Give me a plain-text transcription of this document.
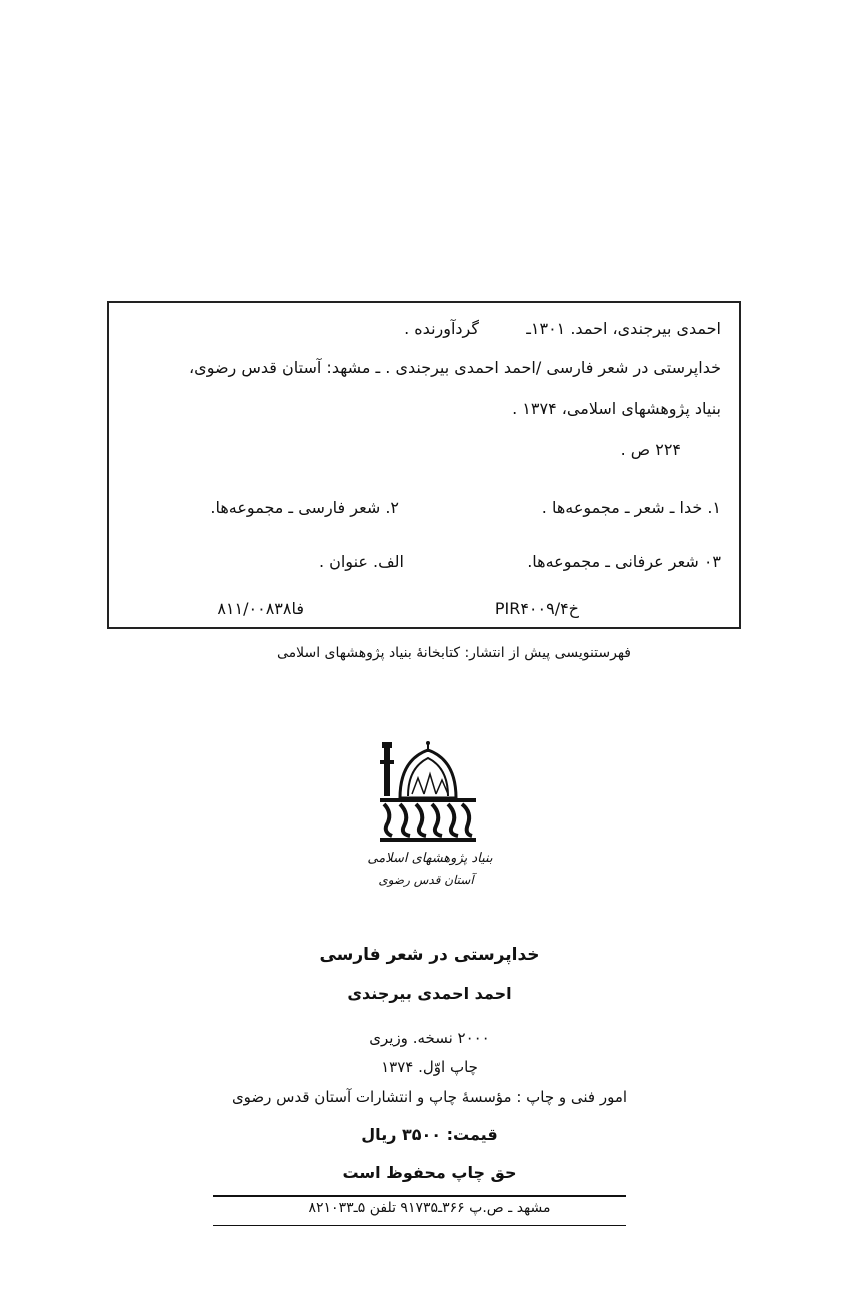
احمدی بیرجندی، احمد. ۱۳۰۱ـ
گردآورنده .
خداپرستی در شعر فارسی /احمد احمدی بیرجندی . ـ مشهد: آستان قدس رضوی،
بنیاد پژوهشهای اسلامی، ۱۳۷۴ .
۲۲۴ ص .
۱. خدا ـ شعر ـ مجموعه‌ها .
۲. شعر فارسی ـ مجموعه‌ها.
۰۳ شعر عرفانی ـ مجموعه‌ها.
الف. عنوان .
PIR۴۰۰۹/خ۴
۸۱فا۱/۰۰۸۳۸
فهرستنویسی پیش از انتشار: کتابخانهٔ بنیاد پژوهشهای اسلامی
بنیاد پژوهشهای اسلامی
آستان قدس رضوی
خداپرستی در شعر فارسی
احمد احمدی بیرجندی
۲۰۰۰ نسخه. وزیری
چاپ اوّل. ۱۳۷۴
امور فنی و چاپ : مؤسسهٔ چاپ و انتشارات آستان قدس رضوی
قیمت: ۳۵۰۰ ریال
حق چاپ محفوظ است
مشهد ـ ص.پ ۳۶۶ـ۹۱۷۳۵ تلفن ۵ـ۸۲۱۰۳۳
